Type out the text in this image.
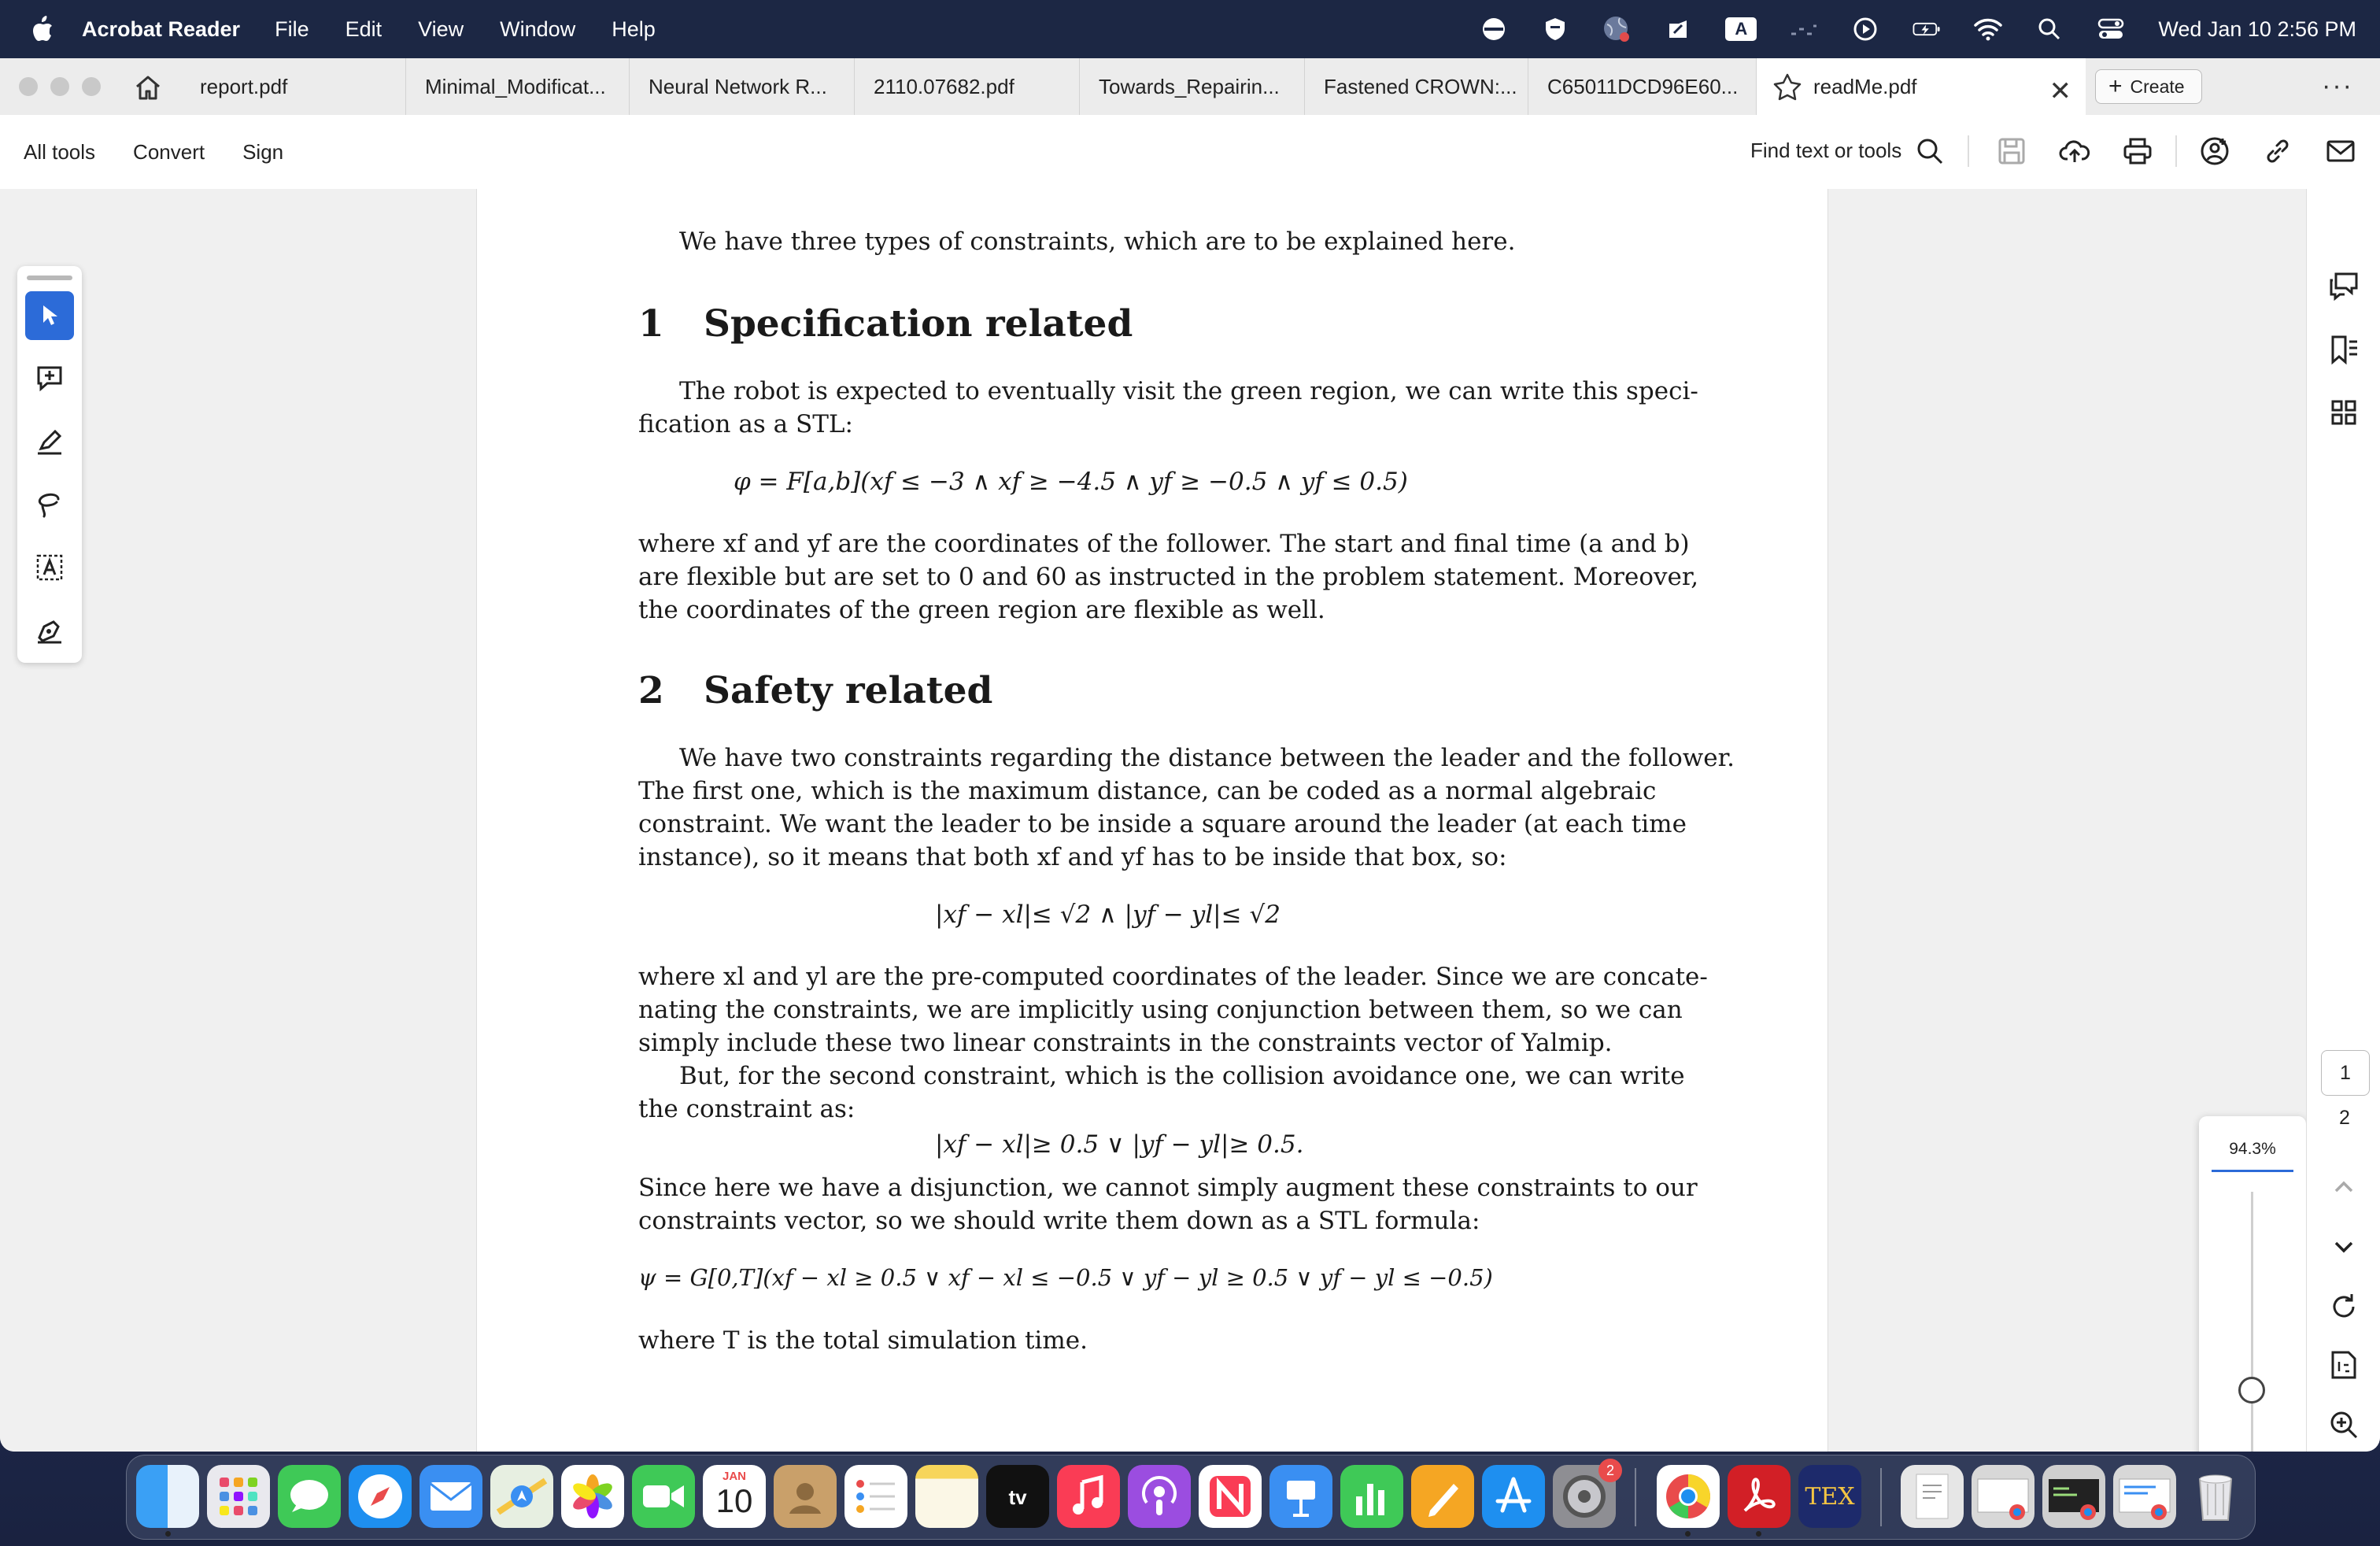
Acrobat Reader File Edit View Window Help	A	Wed Jan 10 2:56 PM
report.pdf	Minimal_Modificat... Neural Network R... 2110.07682.pdf	Towards_Repairin... Fastened CROWN:... C65011DCD96E60...	readMe.pdf	✕ + Create	···
All tools Convert Sign	Find text or tools
We have three types of constraints, which are to be explained here.
1 Specification related
The robot is expected to eventually visit the green region, we can write this speci-
fication as a STL:
φ = F[a,b](xf ≤ −3 ∧ xf ≥ −4.5 ∧ yf ≥ −0.5 ∧ yf ≤ 0.5)
where xf and yf are the coordinates of the follower. The start and final time (a and b)
are flexible but are set to 0 and 60 as instructed in the problem statement. Moreover,
the coordinates of the green region are flexible as well.
2 Safety related
We have two constraints regarding the distance between the leader and the follower.
The first one, which is the maximum distance, can be coded as a normal algebraic
constraint. We want the leader to be inside a square around the leader (at each time
instance), so it means that both xf and yf has to be inside that box, so:
|xf − xl|≤ √2 ∧ |yf − yl|≤ √2
where xl and yl are the pre-computed coordinates of the leader. Since we are concate-
nating the constraints, we are implicitly using conjunction between them, so we can
simply include these two linear constraints in the constraints vector of Yalmip.
But, for the second constraint, which is the collision avoidance one, we can write
the constraint as:
|xf − xl|≥ 0.5 ∨ |yf − yl|≥ 0.5.
Since here we have a disjunction, we cannot simply augment these constraints to our
constraints vector, so we should write them down as a STL formula:
ψ = G[0,T](xf − xl ≥ 0.5 ∨ xf − xl ≤ −0.5 ∨ yf − yl ≥ 0.5 ∨ yf − yl ≤ −0.5)
where T is the total simulation time.
94.3%
1
2
JAN
10	tv
2
TEX
